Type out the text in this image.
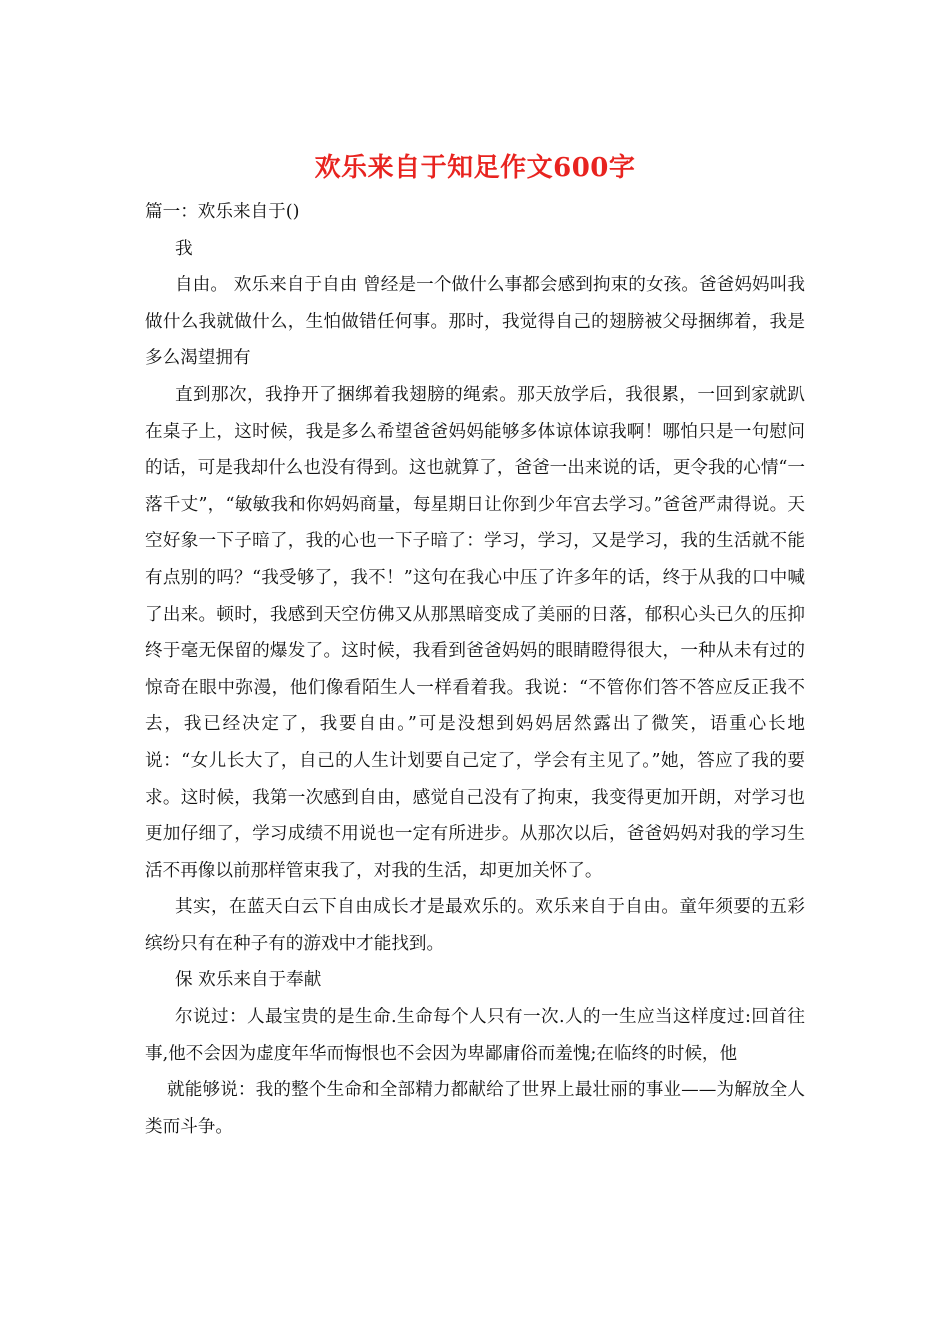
欢乐来自于知足作文600字

篇一：欢乐来自于()

我

自由。 欢乐来自于自由 曾经是一个做什么事都会感到拘束的女孩。爸爸妈妈叫我做什么我就做什么，生怕做错任何事。那时，我觉得自己的翅膀被父母捆绑着，我是多么渴望拥有

直到那次，我挣开了捆绑着我翅膀的绳索。那天放学后，我很累，一回到家就趴在桌子上，这时候，我是多么希望爸爸妈妈能够多体谅体谅我啊！哪怕只是一句慰问的话，可是我却什么也没有得到。这也就算了，爸爸一出来说的话，更令我的心情“一落千丈”，“敏敏我和你妈妈商量，每星期日让你到少年宫去学习。”爸爸严肃得说。天空好象一下子暗了，我的心也一下子暗了：学习，学习，又是学习，我的生活就不能有点别的吗？“我受够了，我不！”这句在我心中压了许多年的话，终于从我的口中喊了出来。顿时，我感到天空仿佛又从那黑暗变成了美丽的日落，郁积心头已久的压抑终于毫无保留的爆发了。这时候，我看到爸爸妈妈的眼睛瞪得很大，一种从未有过的惊奇在眼中弥漫，他们像看陌生人一样看着我。我说：“不管你们答不答应反正我不去，我已经决定了，我要自由。”可是没想到妈妈居然露出了微笑，语重心长地说：“女儿长大了，自己的人生计划要自己定了，学会有主见了。”她，答应了我的要求。这时候，我第一次感到自由，感觉自己没有了拘束，我变得更加开朗，对学习也更加仔细了，学习成绩不用说也一定有所进步。从那次以后，爸爸妈妈对我的学习生活不再像以前那样管束我了，对我的生活，却更加关怀了。

其实，在蓝天白云下自由成长才是最欢乐的。欢乐来自于自由。童年须要的五彩缤纷只有在种子有的游戏中才能找到。

保 欢乐来自于奉献

尔说过：人最宝贵的是生命.生命每个人只有一次.人的一生应当这样度过:回首往事,他不会因为虚度年华而悔恨也不会因为卑鄙庸俗而羞愧;在临终的时候，他

就能够说：我的整个生命和全部精力都献给了世界上最壮丽的事业——为解放全人类而斗争。
